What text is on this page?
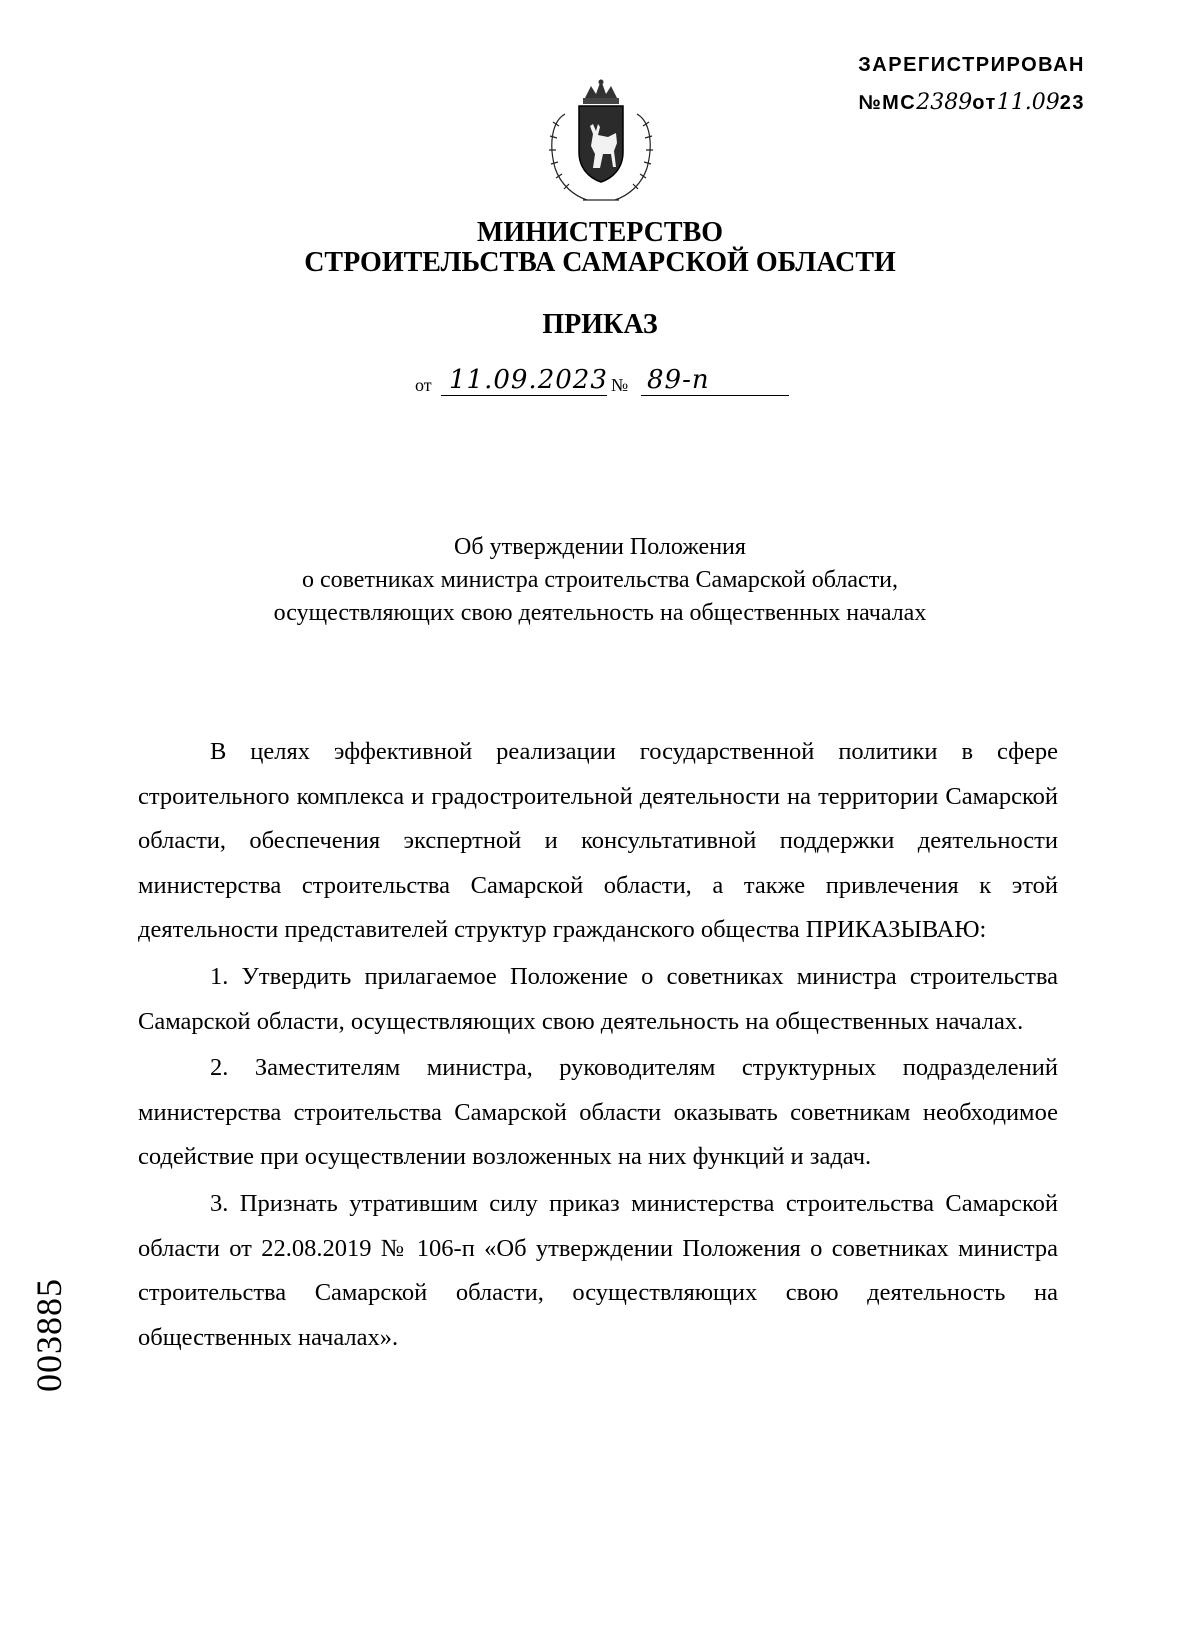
ЗАРЕГИСТРИРОВАН
№МС2389от11.0923
МИНИСТЕРСТВО
СТРОИТЕЛЬСТВА САМАРСКОЙ ОБЛАСТИ
ПРИКАЗ
от 11.09.2023 № 89-п
Об утверждении Положения
о советниках министра строительства Самарской области,
осуществляющих свою деятельность на общественных началах

В целях эффективной реализации государственной политики в сфере строительного комплекса и градостроительной деятельности на территории Самарской области, обеспечения экспертной и консультативной поддержки деятельности министерства строительства Самарской области, а также привлечения к этой деятельности представителей структур гражданского общества ПРИКАЗЫВАЮ:

1. Утвердить прилагаемое Положение о советниках министра строительства Самарской области, осуществляющих свою деятельность на общественных началах.

2. Заместителям министра, руководителям структурных подразделений министерства строительства Самарской области оказывать советникам необходимое содействие при осуществлении возложенных на них функций и задач.

3. Признать утратившим силу приказ министерства строительства Самарской области от 22.08.2019 № 106-п «Об утверждении Положения о советниках министра строительства Самарской области, осуществляющих свою деятельность на общественных началах».

003885
